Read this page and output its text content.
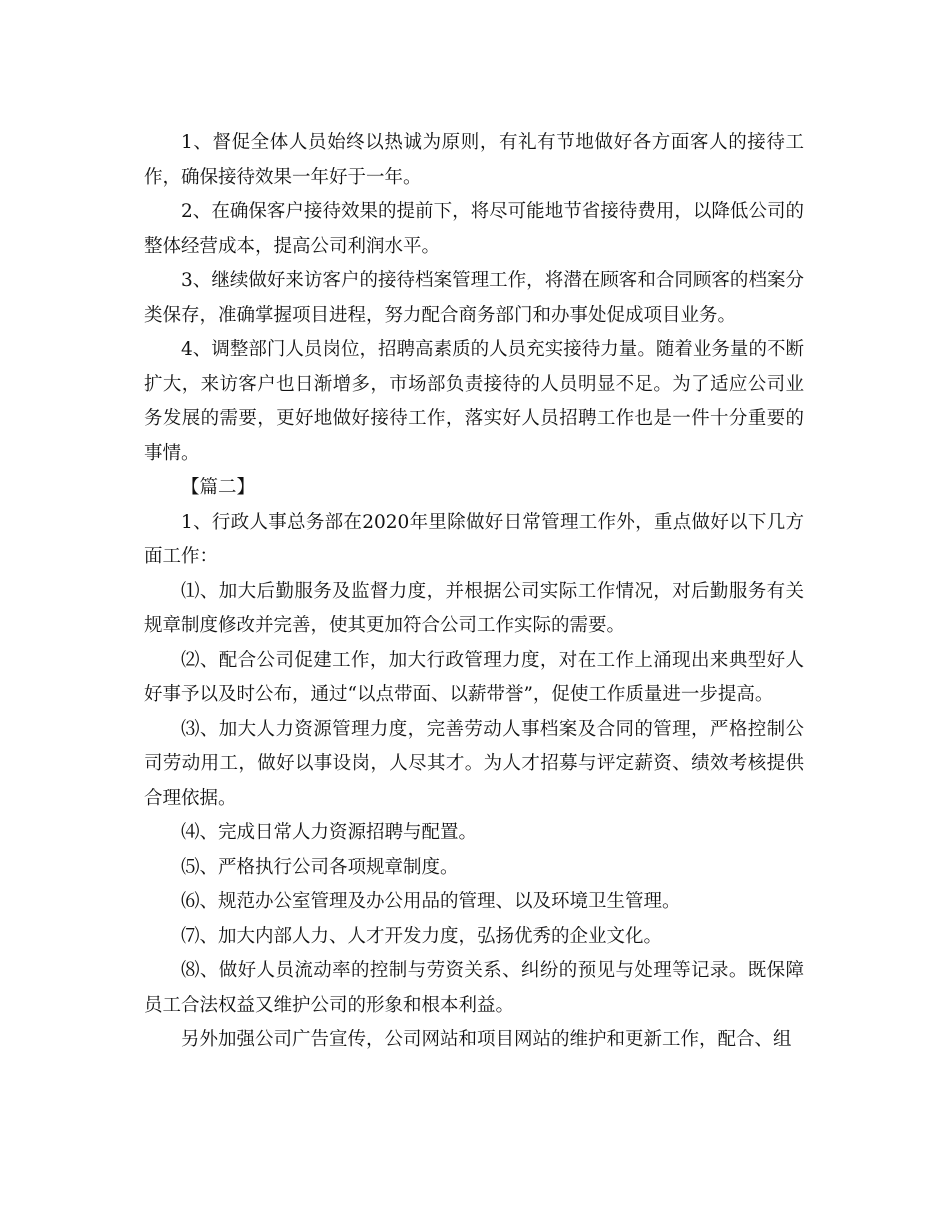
1、督促全体人员始终以热诚为原则，有礼有节地做好各方面客人的接待工作，确保接待效果一年好于一年。

2、在确保客户接待效果的提前下，将尽可能地节省接待费用，以降低公司的整体经营成本，提高公司利润水平。

3、继续做好来访客户的接待档案管理工作，将潜在顾客和合同顾客的档案分类保存，准确掌握项目进程，努力配合商务部门和办事处促成项目业务。

4、调整部门人员岗位，招聘高素质的人员充实接待力量。随着业务量的不断扩大，来访客户也日渐增多，市场部负责接待的人员明显不足。为了适应公司业务发展的需要，更好地做好接待工作，落实好人员招聘工作也是一件十分重要的事情。

【篇二】

1、行政人事总务部在2020年里除做好日常管理工作外，重点做好以下几方面工作：

⑴、加大后勤服务及监督力度，并根据公司实际工作情况，对后勤服务有关规章制度修改并完善，使其更加符合公司工作实际的需要。

⑵、配合公司促建工作，加大行政管理力度，对在工作上涌现出来典型好人好事予以及时公布，通过“以点带面、以薪带誉”，促使工作质量进一步提高。

⑶、加大人力资源管理力度，完善劳动人事档案及合同的管理，严格控制公司劳动用工，做好以事设岗，人尽其才。为人才招募与评定薪资、绩效考核提供合理依据。

⑷、完成日常人力资源招聘与配置。

⑸、严格执行公司各项规章制度。

⑹、规范办公室管理及办公用品的管理、以及环境卫生管理。

⑺、加大内部人力、人才开发力度，弘扬优秀的企业文化。

⑻、做好人员流动率的控制与劳资关系、纠纷的预见与处理等记录。既保障员工合法权益又维护公司的形象和根本利益。

另外加强公司广告宣传，公司网站和项目网站的维护和更新工作，配合、组
